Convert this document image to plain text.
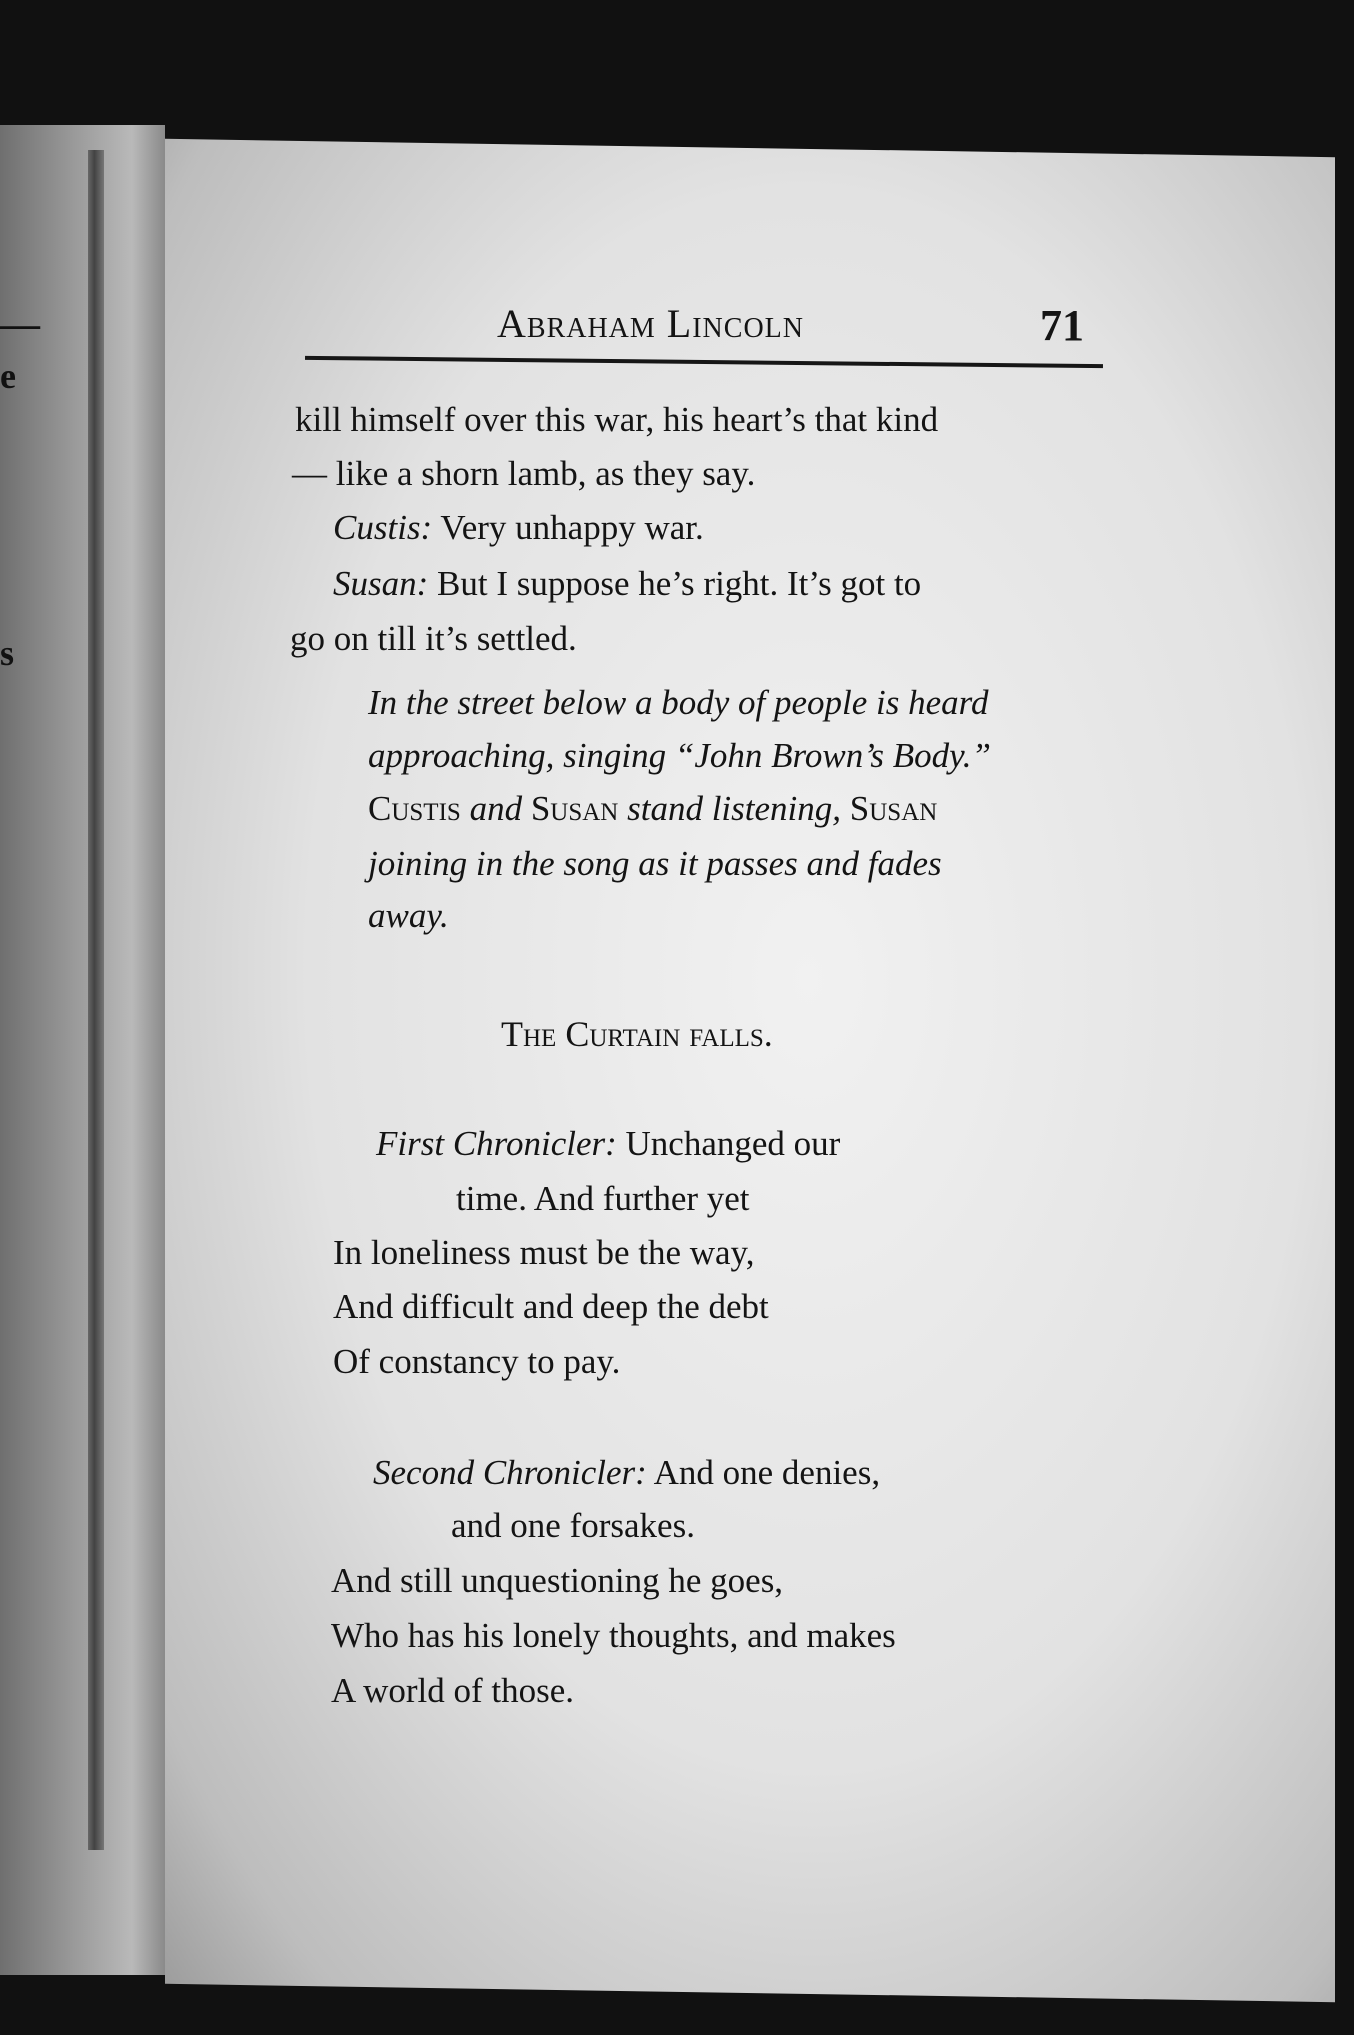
—
e
s
Abraham Lincoln	71
kill himself over this war, his heart’s that kind
— like a shorn lamb, as they say.
Custis: Very unhappy war.
Susan: But I suppose he’s right. It’s got to
go on till it’s settled.
In the street below a body of people is heard
approaching, singing “John Brown’s Body.”
Custis and Susan stand listening, Susan
joining in the song as it passes and fades
away.
The Curtain falls.
First Chronicler: Unchanged our
time. And further yet
In loneliness must be the way,
And difficult and deep the debt
Of constancy to pay.
Second Chronicler: And one denies,
and one forsakes.
And still unquestioning he goes,
Who has his lonely thoughts, and makes
A world of those.
